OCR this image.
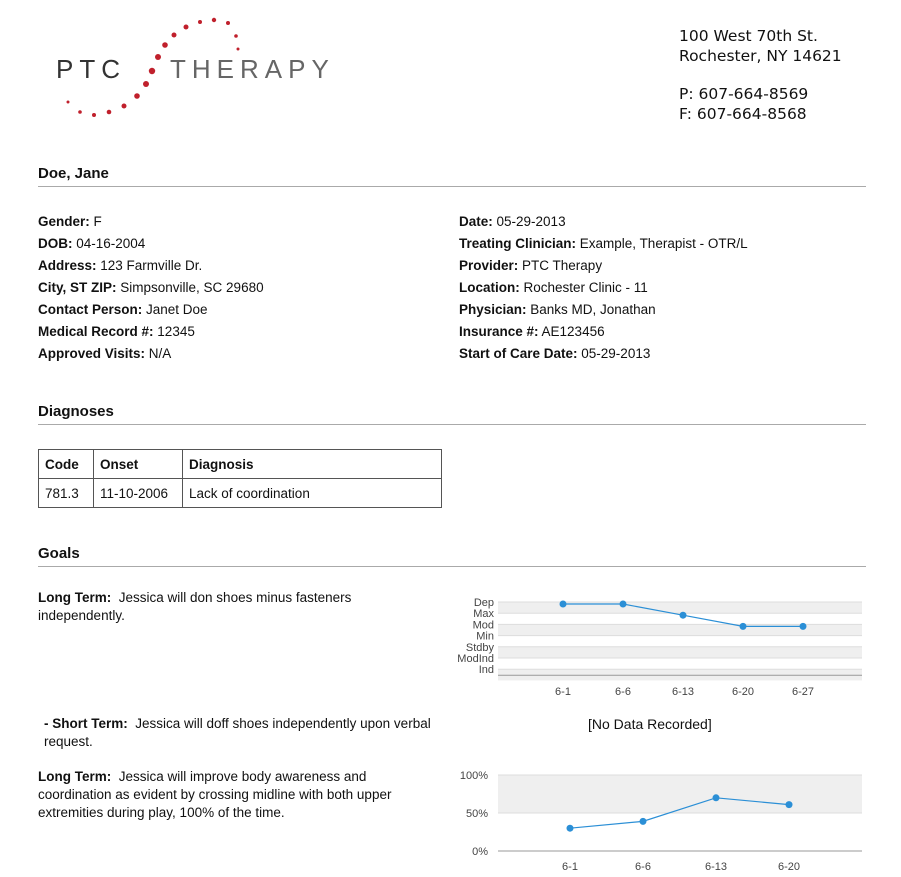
PTC THERAPY
100 West 70th St.
Rochester, NY 14621
P: 607-664-8569
F: 607-664-8568
Doe, Jane
Gender: F
DOB: 04-16-2004
Address: 123 Farmville Dr.
City, ST ZIP: Simpsonville, SC 29680
Contact Person: Janet Doe
Medical Record #: 12345
Approved Visits: N/A
Date: 05-29-2013
Treating Clinician: Example, Therapist - OTR/L
Provider: PTC Therapy
Location: Rochester Clinic - 11
Physician: Banks MD, Jonathan
Insurance #: AE123456
Start of Care Date: 05-29-2013
Diagnoses
Code	Onset	Diagnosis
781.3	11-10-2006	Lack of coordination
Goals
Long Term: Jessica will don shoes minus fasteners independently.
- Short Term: Jessica will doff shoes independently upon verbal request.
Long Term: Jessica will improve body awareness and coordination as evident by crossing midline with both upper extremities during play, 100% of the time.
[No Data Recorded]
Dep
Max
Mod
Min
Stdby
ModInd
Ind
6-1	6-6	6-13	6-20	6-27
0%
50%
100%
6-1	6-6	6-13	6-20
